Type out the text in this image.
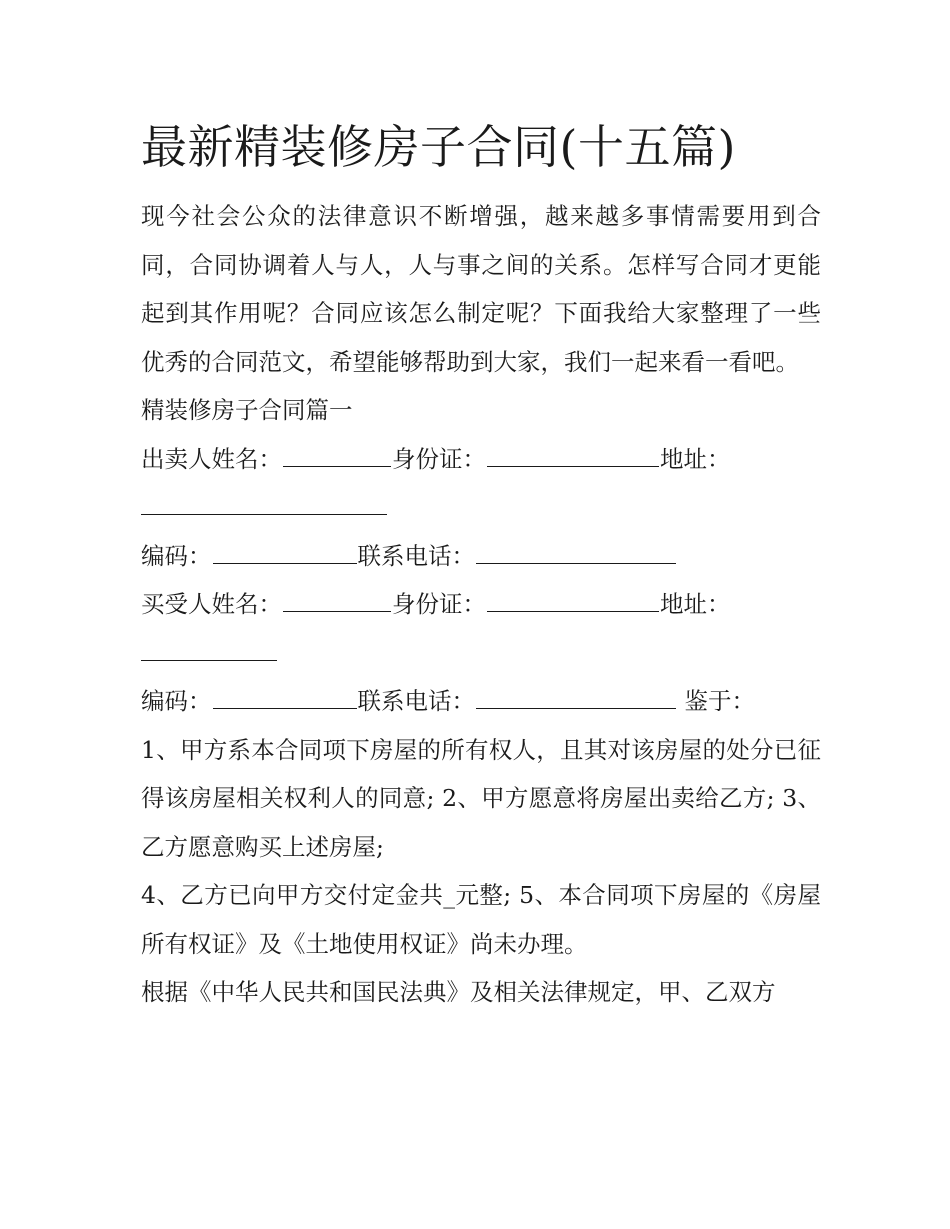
最新精装修房子合同(十五篇)

现今社会公众的法律意识不断增强，越来越多事情需要用到合同，合同协调着人与人，人与事之间的关系。怎样写合同才更能起到其作用呢？合同应该怎么制定呢？下面我给大家整理了一些优秀的合同范文，希望能够帮助到大家，我们一起来看一看吧。

精装修房子合同篇一

出卖人姓名：	身份证：	地址：

编码：	联系电话：

买受人姓名：	身份证：	地址：

编码：	联系电话：	鉴于：

1、甲方系本合同项下房屋的所有权人，且其对该房屋的处分已征得该房屋相关权利人的同意; 2、甲方愿意将房屋出卖给乙方; 3、乙方愿意购买上述房屋;

4、乙方已向甲方交付定金共_元整; 5、本合同项下房屋的《房屋所有权证》及《土地使用权证》尚未办理。

根据《中华人民共和国民法典》及相关法律规定，甲、乙双方
